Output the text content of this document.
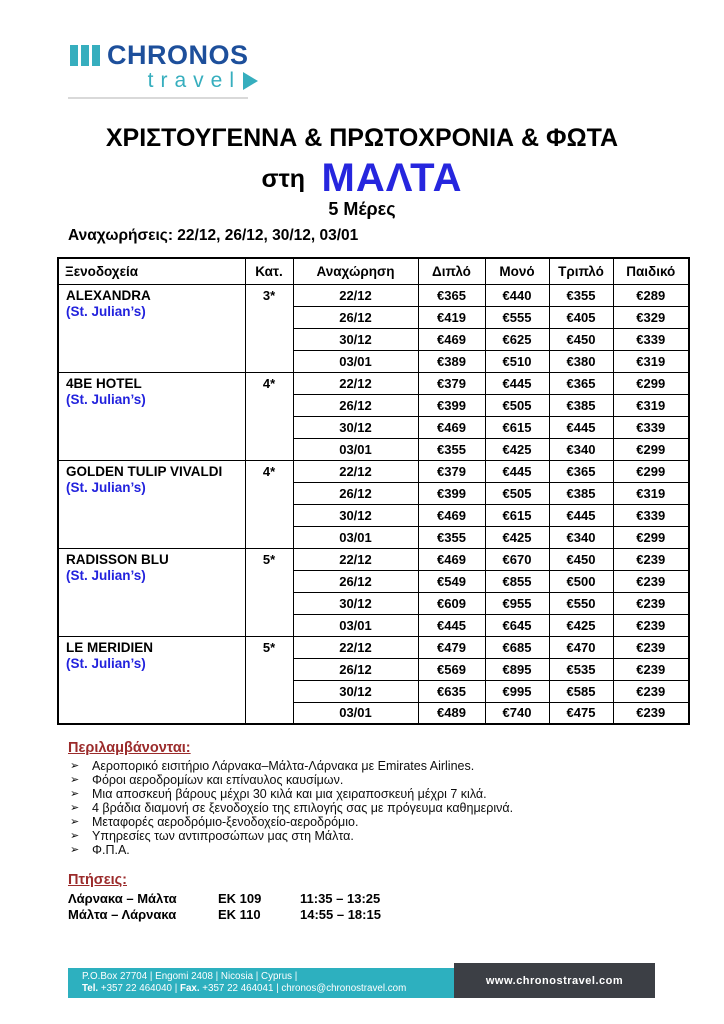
CHRONOS
travel
ΧΡΙΣΤΟΥΓΕΝΝΑ & ΠΡΩΤΟΧΡΟΝΙΑ & ΦΩΤΑ
στη ΜΑΛΤΑ
5 Μέρες
Αναχωρήσεις: 22/12, 26/12, 30/12, 03/01
Ξενοδοχεία	Κατ.	Αναχώρηση	Διπλό	Μονό	Τριπλό	Παιδικό

ALEXANDRA
(St. Julian’s)	3*	22/12	€365	€440	€355	€289
		26/12	€419	€555	€405	€329
		30/12	€469	€625	€450	€339
		03/01	€389	€510	€380	€319

4BE HOTEL
(St. Julian’s)	4*	22/12	€379	€445	€365	€299
		26/12	€399	€505	€385	€319
		30/12	€469	€615	€445	€339
		03/01	€355	€425	€340	€299

GOLDEN TULIP VIVALDI
(St. Julian’s)	4*	22/12	€379	€445	€365	€299
		26/12	€399	€505	€385	€319
		30/12	€469	€615	€445	€339
		03/01	€355	€425	€340	€299

RADISSON BLU
(St. Julian’s)	5*	22/12	€469	€670	€450	€239
		26/12	€549	€855	€500	€239
		30/12	€609	€955	€550	€239
		03/01	€445	€645	€425	€239

LE MERIDIEN
(St. Julian’s)	5*	22/12	€479	€685	€470	€239
		26/12	€569	€895	€535	€239
		30/12	€635	€995	€585	€239
		03/01	€489	€740	€475	€239
Περιλαμβάνονται:
➢	Αεροπορικό εισιτήριο Λάρνακα–Μάλτα-Λάρνακα με Emirates Airlines.
➢	Φόροι αεροδρομίων και επίναυλος καυσίμων.
➢	Μια αποσκευή βάρους μέχρι 30 κιλά και μια χειραποσκευή μέχρι 7 κιλά.
➢	4 βράδια διαμονή σε ξενοδοχείο της επιλογής σας με πρόγευμα καθημερινά.
➢	Μεταφορές αεροδρόμιο-ξενοδοχείο-αεροδρόμιο.
➢	Υπηρεσίες των αντιπροσώπων μας στη Μάλτα.
➢	Φ.Π.Α.
Πτήσεις:
Λάρνακα – Μάλτα	EK 109	11:35 – 13:25
Μάλτα – Λάρνακα	EK 110	14:55 – 18:15
P.O.Box 27704 | Engomi 2408 | Nicosia | Cyprus |
Tel. +357 22 464040 | Fax. +357 22 464041 | chronos@chronostravel.com
www.chronostravel.com
